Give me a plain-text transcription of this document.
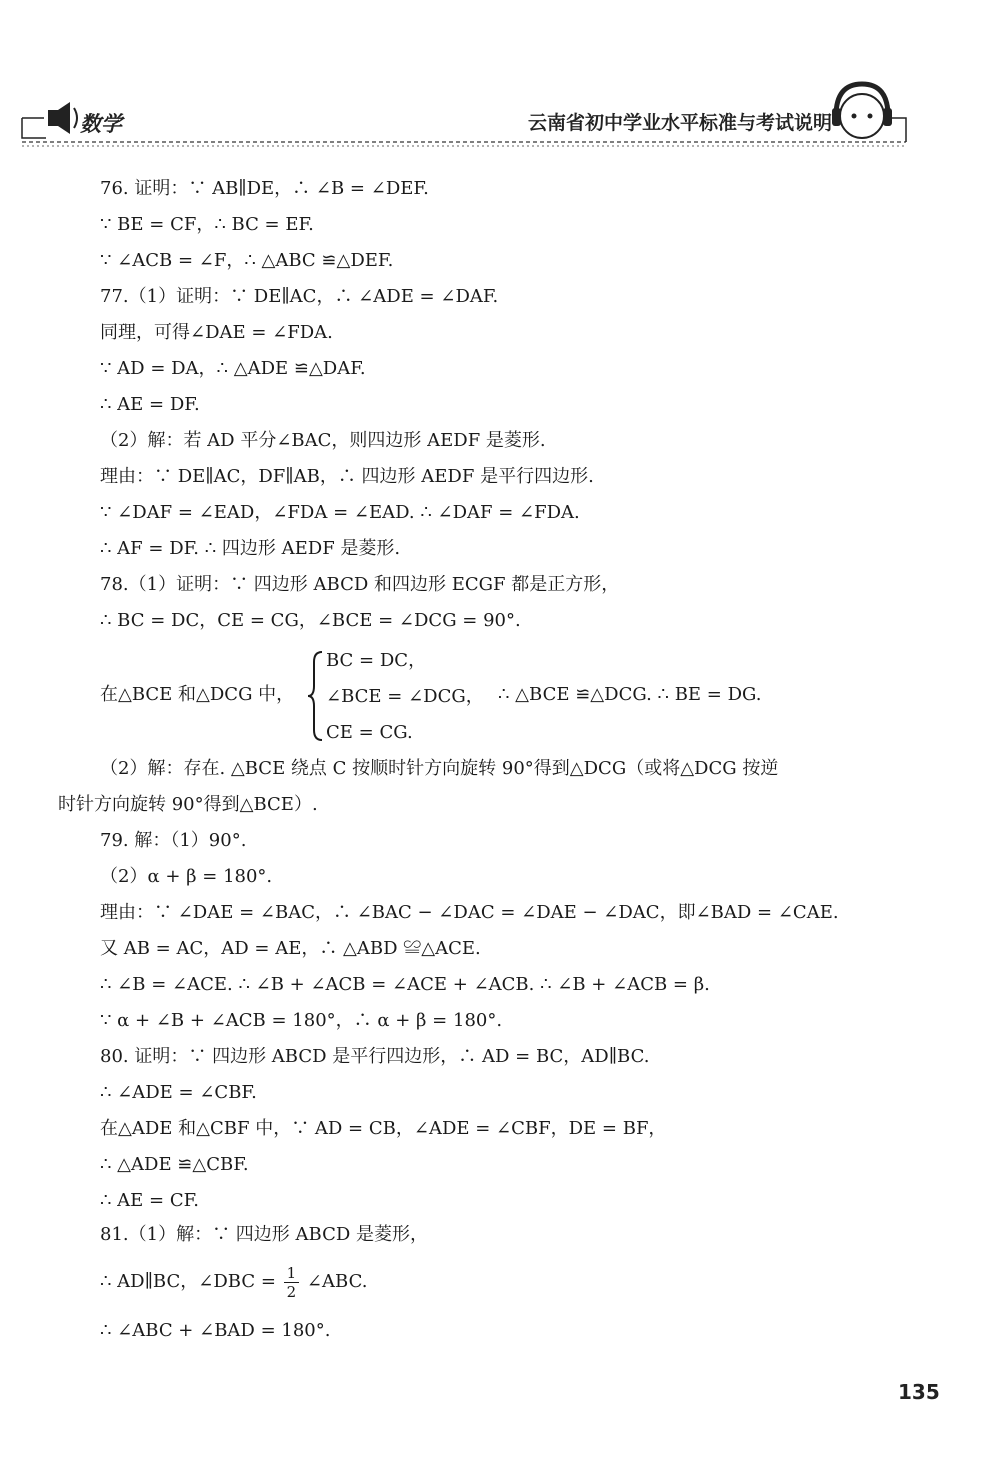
数学	云南省初中学业水平标准与考试说明
76. 证明：∵ AB∥DE，∴ ∠B = ∠DEF.
∵ BE = CF，∴ BC = EF.
∵ ∠ACB = ∠F，∴ △ABC ≌△DEF.
77.（1）证明：∵ DE∥AC，∴ ∠ADE = ∠DAF.
同理，可得∠DAE = ∠FDA.
∵ AD = DA，∴ △ADE ≌△DAF.
∴ AE = DF.
（2）解：若 AD 平分∠BAC，则四边形 AEDF 是菱形.
理由：∵ DE∥AC，DF∥AB，∴ 四边形 AEDF 是平行四边形.
∵ ∠DAF = ∠EAD，∠FDA = ∠EAD. ∴ ∠DAF = ∠FDA.
∴ AF = DF. ∴ 四边形 AEDF 是菱形.
78.（1）证明：∵ 四边形 ABCD 和四边形 ECGF 都是正方形，
∴ BC = DC，CE = CG，∠BCE = ∠DCG = 90°.
在△BCE 和△DCG 中，
BC = DC，
∠BCE = ∠DCG，
CE = CG.
∴ △BCE ≌△DCG. ∴ BE = DG.
（2）解：存在. △BCE 绕点 C 按顺时针方向旋转 90°得到△DCG（或将△DCG 按逆
时针方向旋转 90°得到△BCE）.
79. 解：（1）90°.
（2）α + β = 180°.
理由：∵ ∠DAE = ∠BAC，∴ ∠BAC − ∠DAC = ∠DAE − ∠DAC，即∠BAD = ∠CAE.
又 AB = AC，AD = AE，∴ △ABD ≌△ACE.
∴ ∠B = ∠ACE. ∴ ∠B + ∠ACB = ∠ACE + ∠ACB. ∴ ∠B + ∠ACB = β.
∵ α + ∠B + ∠ACB = 180°，∴ α + β = 180°.
80. 证明：∵ 四边形 ABCD 是平行四边形，∴ AD = BC，AD∥BC.
∴ ∠ADE = ∠CBF.
在△ADE 和△CBF 中，∵ AD = CB，∠ADE = ∠CBF，DE = BF，
∴ △ADE ≌△CBF.
∴ AE = CF.
81.（1）解：∵ 四边形 ABCD 是菱形，
∴ AD∥BC，∠DBC = $\frac{1}{2}$ ∠ABC.
∴ ∠ABC + ∠BAD = 180°.
135
